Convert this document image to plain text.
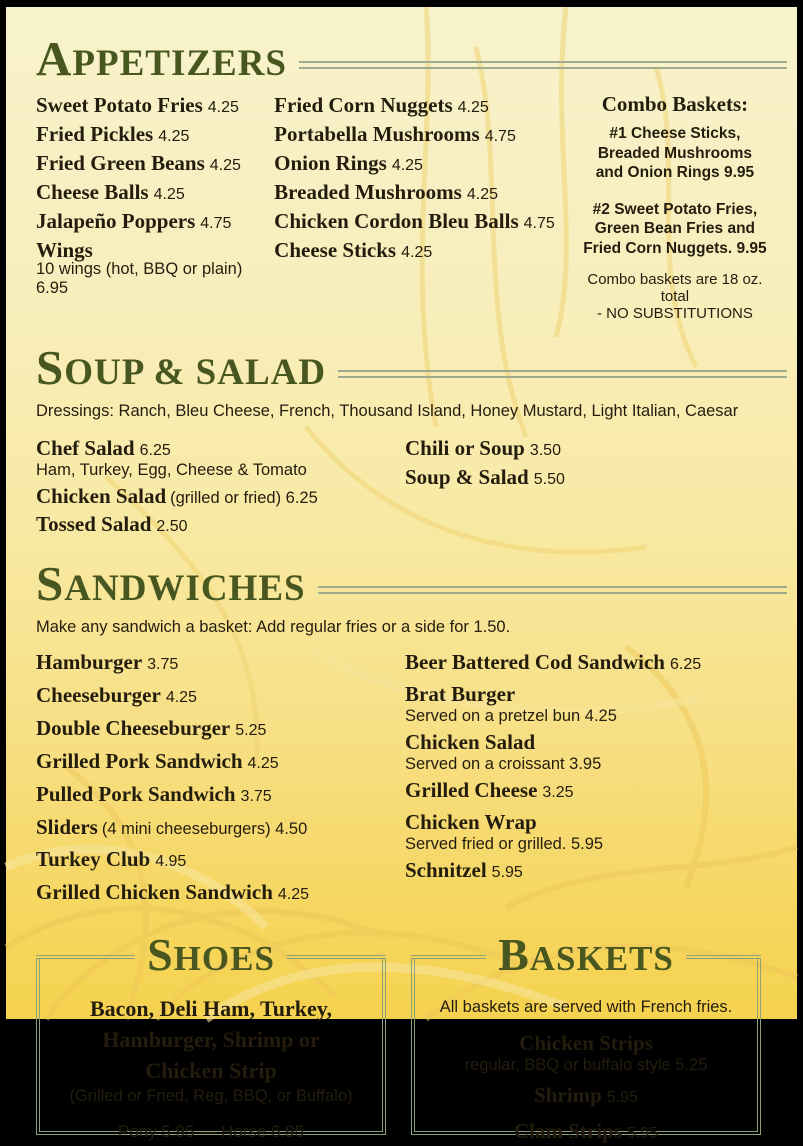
APPETIZERS
Sweet Potato Fries 4.25
Fried Pickles 4.25
Fried Green Beans 4.25
Cheese Balls 4.25
Jalapeño Poppers 4.75
Wings
10 wings (hot, BBQ or plain) 6.95
Fried Corn Nuggets 4.25
Portabella Mushrooms 4.75
Onion Rings 4.25
Breaded Mushrooms 4.25
Chicken Cordon Bleu Balls 4.75
Cheese Sticks 4.25
Combo Baskets:
#1 Cheese Sticks,
Breaded Mushrooms
and Onion Rings 9.95
#2 Sweet Potato Fries,
Green Bean Fries and
Fried Corn Nuggets. 9.95
Combo baskets are 18 oz. total
- NO SUBSTITUTIONS
SOUP & SALAD
Dressings: Ranch, Bleu Cheese, French, Thousand Island, Honey Mustard, Light Italian, Caesar
Chef Salad 6.25
Ham, Turkey, Egg, Cheese & Tomato
Chicken Salad (grilled or fried) 6.25
Tossed Salad 2.50
Chili or Soup 3.50
Soup & Salad 5.50
SANDWICHES
Make any sandwich a basket: Add regular fries or a side for 1.50.
Hamburger 3.75
Cheeseburger 4.25
Double Cheeseburger 5.25
Grilled Pork Sandwich 4.25
Pulled Pork Sandwich 3.75
Sliders (4 mini cheeseburgers) 4.50
Turkey Club 4.95
Grilled Chicken Sandwich 4.25
Beer Battered Cod Sandwich 6.25
Brat Burger
Served on a pretzel bun 4.25
Chicken Salad
Served on a croissant 3.95
Grilled Cheese 3.25
Chicken Wrap
Served fried or grilled. 5.95
Schnitzel 5.95
SHOES
Bacon, Deli Ham, Turkey,
Hamburger, Shrimp or
Chicken Strip
(Grilled or Fried, Reg, BBQ, or Buffalo)
Pony 5.95 — Horse 6.95
BASKETS
All baskets are served with French fries.
Chicken Strips
regular, BBQ or buffalo style 5.25
Shrimp 5.95
Clam Strips 5.95
